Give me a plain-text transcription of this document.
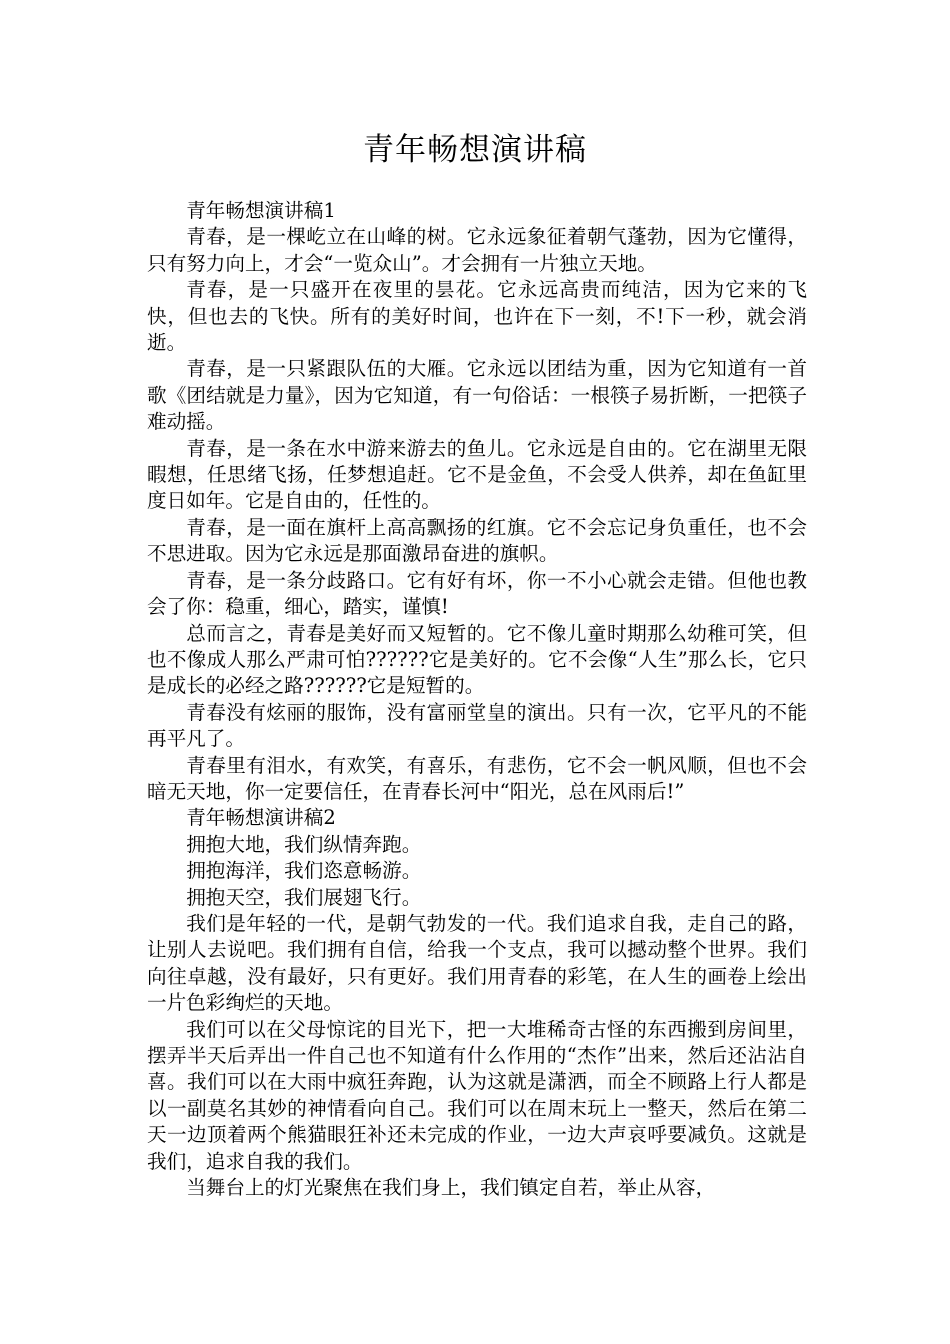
青年畅想演讲稿

青年畅想演讲稿1

青春，是一棵屹立在山峰的树。它永远象征着朝气蓬勃，因为它懂得，只有努力向上，才会“一览众山”。才会拥有一片独立天地。

青春，是一只盛开在夜里的昙花。它永远高贵而纯洁，因为它来的飞快，但也去的飞快。所有的美好时间，也许在下一刻，不!下一秒，就会消逝。

青春，是一只紧跟队伍的大雁。它永远以团结为重，因为它知道有一首歌《团结就是力量》，因为它知道，有一句俗话：一根筷子易折断，一把筷子难动摇。

青春，是一条在水中游来游去的鱼儿。它永远是自由的。它在湖里无限暇想，任思绪飞扬，任梦想追赶。它不是金鱼，不会受人供养，却在鱼缸里度日如年。它是自由的，任性的。

青春，是一面在旗杆上高高飘扬的红旗。它不会忘记身负重任，也不会不思进取。因为它永远是那面激昂奋进的旗帜。

青春，是一条分歧路口。它有好有坏，你一不小心就会走错。但他也教会了你：稳重，细心，踏实，谨慎!

总而言之，青春是美好而又短暂的。它不像儿童时期那么幼稚可笑，但也不像成人那么严肃可怕??????它是美好的。它不会像“人生”那么长，它只是成长的必经之路??????它是短暂的。

青春没有炫丽的服饰，没有富丽堂皇的演出。只有一次，它平凡的不能再平凡了。

青春里有泪水，有欢笑，有喜乐，有悲伤，它不会一帆风顺，但也不会暗无天地，你一定要信任，在青春长河中“阳光，总在风雨后!”

青年畅想演讲稿2

拥抱大地，我们纵情奔跑。

拥抱海洋，我们恣意畅游。

拥抱天空，我们展翅飞行。

我们是年轻的一代，是朝气勃发的一代。我们追求自我，走自己的路，让别人去说吧。我们拥有自信，给我一个支点，我可以撼动整个世界。我们向往卓越，没有最好，只有更好。我们用青春的彩笔，在人生的画卷上绘出一片色彩绚烂的天地。

我们可以在父母惊诧的目光下，把一大堆稀奇古怪的东西搬到房间里，摆弄半天后弄出一件自己也不知道有什么作用的“杰作”出来，然后还沾沾自喜。我们可以在大雨中疯狂奔跑，认为这就是潇洒，而全不顾路上行人都是以一副莫名其妙的神情看向自己。我们可以在周末玩上一整天，然后在第二天一边顶着两个熊猫眼狂补还未完成的作业，一边大声哀呼要减负。这就是我们，追求自我的我们。

当舞台上的灯光聚焦在我们身上，我们镇定自若，举止从容，
